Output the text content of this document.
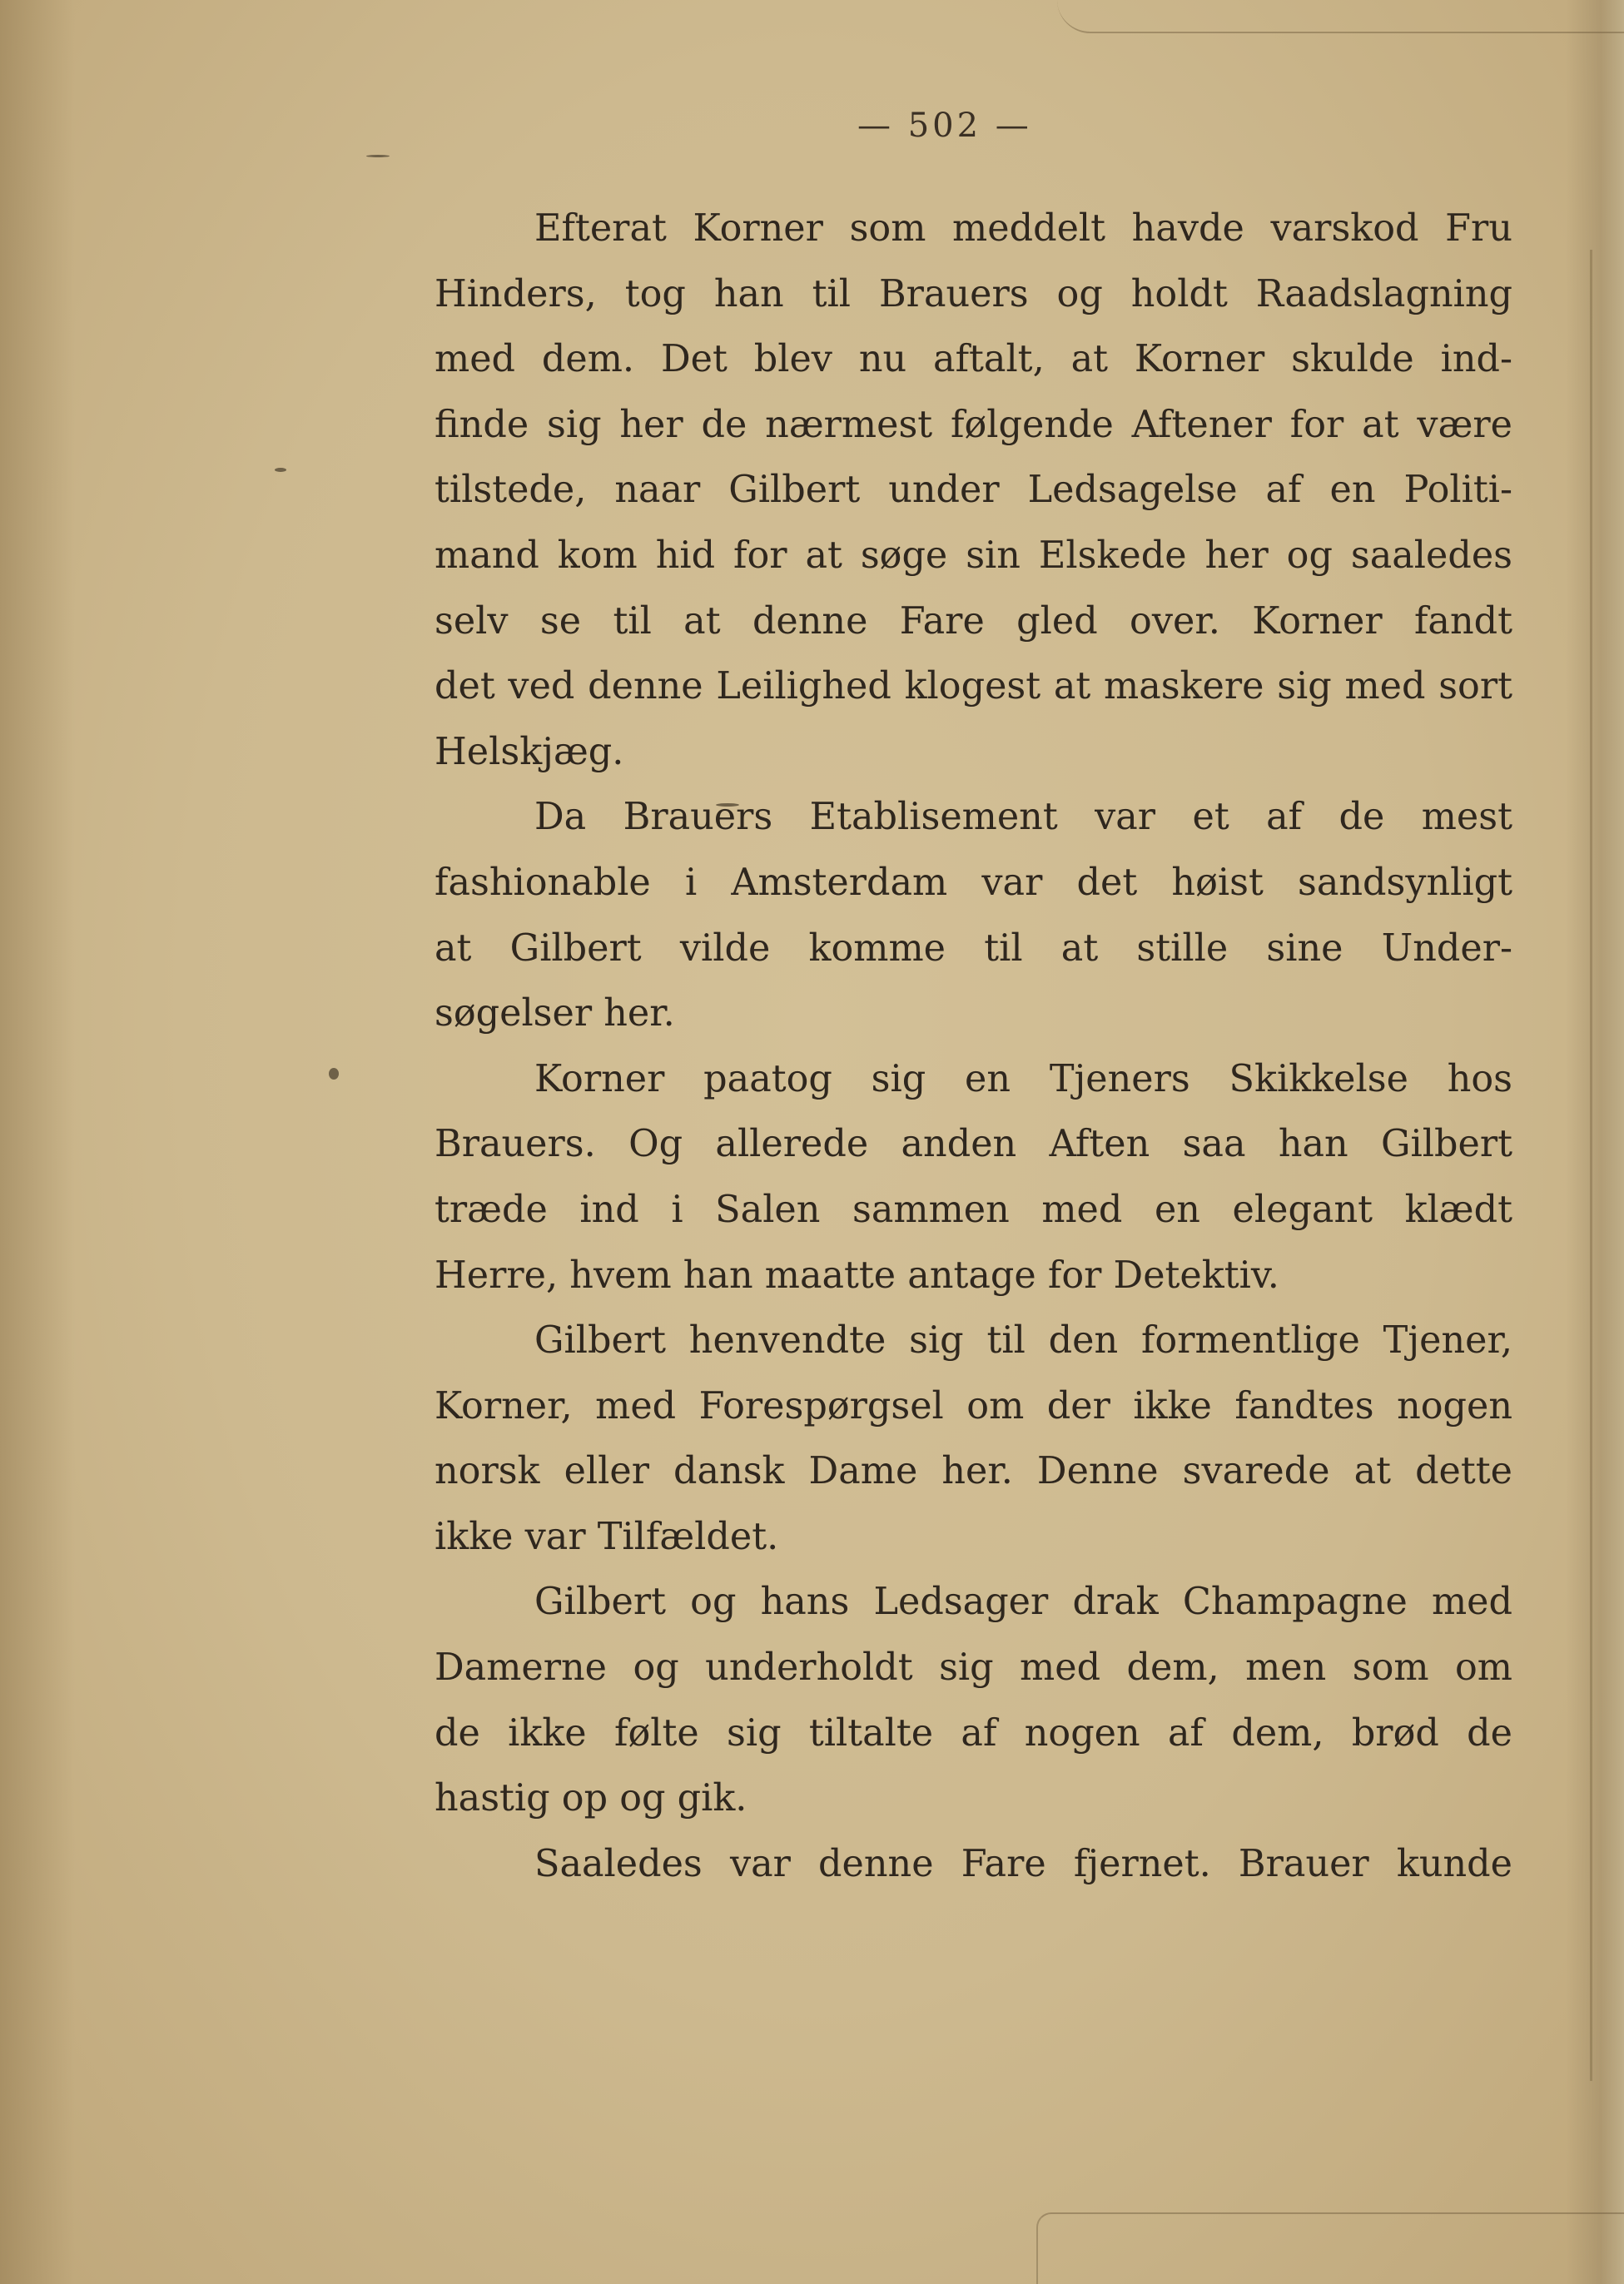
— 502 —
Efterat Korner som meddelt havde varskod Fru
Hinders, tog han til Brauers og holdt Raadslagning
med dem. Det blev nu aftalt, at Korner skulde ind-
finde sig her de nærmest følgende Aftener for at være
tilstede, naar Gilbert under Ledsagelse af en Politi-
mand kom hid for at søge sin Elskede her og saaledes
selv se til at denne Fare gled over. Korner fandt
det ved denne Leilighed klogest at maskere sig med sort
Helskjæg.
Da Brauers Etablisement var et af de mest
fashionable i Amsterdam var det høist sandsynligt
at Gilbert vilde komme til at stille sine Under-
søgelser her.
Korner paatog sig en Tjeners Skikkelse hos
Brauers. Og allerede anden Aften saa han Gilbert
træde ind i Salen sammen med en elegant klædt
Herre, hvem han maatte antage for Detektiv.
Gilbert henvendte sig til den formentlige Tjener,
Korner, med Forespørgsel om der ikke fandtes nogen
norsk eller dansk Dame her. Denne svarede at dette
ikke var Tilfældet.
Gilbert og hans Ledsager drak Champagne med
Damerne og underholdt sig med dem, men som om
de ikke følte sig tiltalte af nogen af dem, brød de
hastig op og gik.
Saaledes var denne Fare fjernet. Brauer kunde
